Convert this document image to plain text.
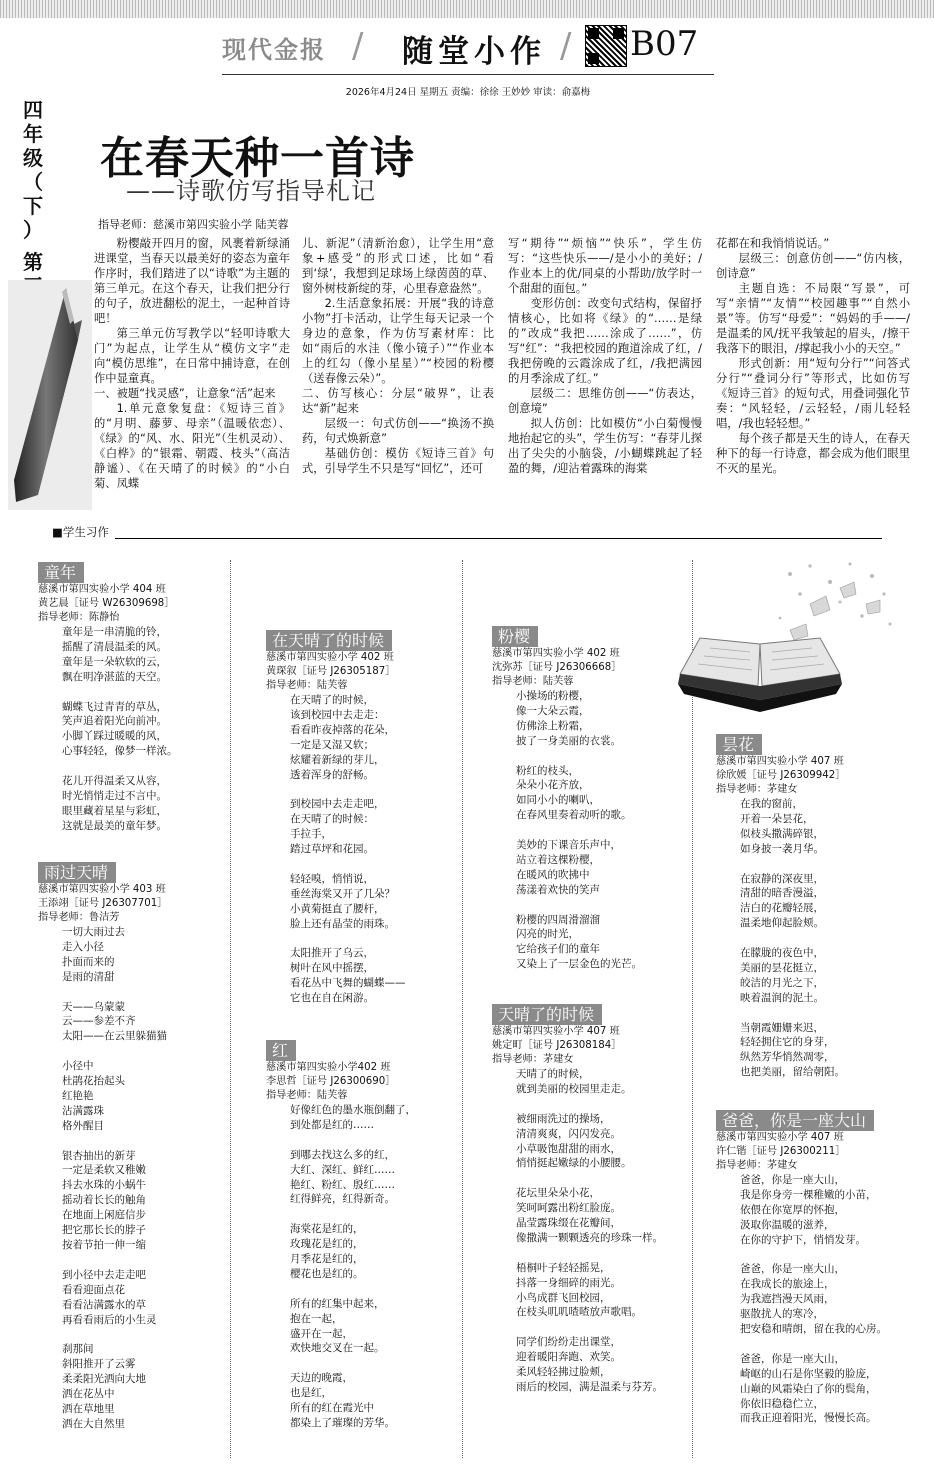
现代金报 / 随堂小作 / B07
2026年4月24日 星期五 责编：徐徐 王妙妙 审读：俞嘉梅
四
年
级
（
下
）
第
在春天种一首诗
——诗歌仿写指导札记
指导老师：慈溪市第四实验小学 陆芙蓉

粉樱敲开四月的窗，风裹着新绿涌进课堂，当春天以最美好的姿态为童年作序时，我们踏进了以“诗歌”为主题的第三单元。在这个春天，让我们把分行的句子，放进翻松的泥土，一起种首诗吧！

第三单元仿写教学以“轻叩诗歌大门”为起点，让学生从“模仿文字”走向“模仿思维”，在日常中捕诗意，在创作中显童真。

一、被题“找灵感”，让意象“活”起来

1.单元意象复盘：《短诗三首》的“月明、藤萝、母亲”（温暖依恋）、《绿》的“风、水、阳光”（生机灵动）、《白桦》的“银霜、朝霞、枝头”（高洁静谧）、《在天晴了的时候》的“小白菊、凤蝶

儿、新泥”（清新治愈），让学生用“意象+感受”的形式口述，比如“看到‘绿’，我想到足球场上绿茵茵的草、窗外树枝新绽的芽，心里春意盎然”。

2.生活意象拓展：开展“我的诗意小物”打卡活动，让学生每天记录一个身边的意象，作为仿写素材库：比如“雨后的水洼（像小镜子）”“作业本上的红勾（像小星星）”“校园的粉樱（送春像云朵）”。

二、仿写核心：分层“破界”，让表达“新”起来

层级一：句式仿创——“换汤不换药，句式焕新意”

基础仿创：模仿《短诗三首》句式，引导学生不只是写“回忆”，还可

写“期待”“烦恼”“快乐”，学生仿写：“这些快乐——/是小小的美好；/作业本上的优/同桌的小帮助/放学时一个甜甜的面包。”

变形仿创：改变句式结构，保留抒情核心，比如将《绿》的“……是绿的”改成“我把……涂成了……”，仿写“红”：“我把校园的跑道涂成了红，/我把傍晚的云霞涂成了红，/我把满园的月季涂成了红。”

层级二：思维仿创——“仿表达，创意境”

拟人仿创：比如模仿“小白菊慢慢地抬起它的头”，学生仿写：“春芽儿探出了尖尖的小脑袋，/小蝴蝶跳起了轻盈的舞，/迎沾着露珠的海棠

花都在和我悄悄说话。”

层级三：创意仿创——“仿内核，创诗意”

主题自选：不局限“写景”，可写“亲情”“友情”“校园趣事”“自然小景”等。仿写“母爱”：“妈妈的手——/是温柔的风/抚平我皱起的眉头，/擦干我落下的眼泪，/撑起我小小的天空。”

形式创新：用“短句分行”“问答式分行”“叠词分行”等形式，比如仿写《短诗三首》的短句式，用叠词强化节奏：“风轻轻，/云轻轻，/雨儿轻轻唱，/我也轻轻想。”

每个孩子都是天生的诗人，在春天种下的每一行诗意，都会成为他们眼里不灭的星光。

■学生习作
童年
慈溪市第四实验小学 404 班
黄艺晨［证号 W26309698］
指导老师：陈静怡
童年是一串清脆的铃，
摇醒了清晨温柔的风。
童年是一朵软软的云，
飘在明净湛蓝的天空。
蝴蝶飞过青青的草丛，
笑声追着阳光向前冲。
小脚丫踩过暖暖的风，
心事轻轻，像梦一样浓。
花儿开得温柔又从容，
时光悄悄走过不言中。
眼里藏着星星与彩虹，
这就是最美的童年梦。
雨过天晴
慈溪市第四实验小学 403 班
王添翊［证号 J26307701］
指导老师：鲁洁芳
一切大雨过去
走入小径
扑面而来的
是雨的清甜
天——乌蒙蒙
云——参差不齐
太阳——在云里躲猫猫
小径中
杜鹃花抬起头
红艳艳
沾满露珠
格外醒目
银杏抽出的新芽
一定是柔软又稚嫩
抖去水珠的小蜗牛
摇动着长长的触角
在地面上闲庭信步
把它那长长的脖子
按着节拍一伸一缩
到小径中去走走吧
看看迎面点花
看看沾满露水的草
再看看雨后的小生灵
刹那间
斜阳推开了云雾
柔柔阳光洒向大地
洒在花丛中
洒在草地里
洒在大自然里
在天晴了的时候
慈溪市第四实验小学 402 班
黄琛叙［证号 J26305187］
指导老师：陆芙蓉
在天晴了的时候，
该到校园中去走走：
看看昨夜掉落的花朵，
一定是又湿又软；
炫耀着新绿的芽儿，
透着浑身的舒畅。
到校园中去走走吧，
在天晴了的时候：
手拉手，
踏过草坪和花园。
轻轻嗅，悄悄说，
垂丝海棠又开了几朵？
小黄菊挺直了腰杆，
脸上还有晶莹的雨珠。
太阳推开了乌云，
树叶在风中摇摆，
看花丛中飞舞的蝴蝶——
它也在自在闲游。
红
慈溪市第四实验小学402 班
李思哲［证号 J26300690］
指导老师：陆芙蓉
好像红色的墨水瓶倒翻了，
到处都是红的……
到哪去找这么多的红，
大红、深红、鲜红……
艳红、粉红、殷红……
红得鲜亮，红得新奇。
海棠花是红的，
玫瑰花是红的，
月季花是红的，
樱花也是红的。
所有的红集中起来，
抱在一起，
盛开在一起，
欢快地交叉在一起。
天边的晚霞，
也是红，
所有的红在霞光中
都染上了璀璨的芳华。
粉樱
慈溪市第四实验小学 402 班
沈弥苏［证号 J26306668］
指导老师：陆芙蓉
小操场的粉樱，
像一大朵云霞，
仿佛涂上粉霜，
披了一身美丽的衣裳。
粉红的枝头，
朵朵小花齐放，
如同小小的喇叭，
在春风里奏着动听的歌。
美妙的下课音乐声中，
站立着这棵粉樱，
在暖风的吹拂中
荡漾着欢快的笑声
粉樱的四周滑溜溜
闪亮的时光，
它给孩子们的童年
又染上了一层金色的光芒。
天晴了的时候
慈溪市第四实验小学 407 班
姚定町［证号 J26308184］
指导老师：茅建女
天晴了的时候，
就到美丽的校园里走走。
被细雨洗过的操场，
清清爽爽，闪闪发亮。
小草吸饱甜甜的雨水，
悄悄挺起嫩绿的小腰腰。
花坛里朵朵小花，
笑呵呵露出粉红脸庞。
晶莹露珠缀在花瓣间，
像撒满一颗颗透亮的珍珠一样。
梧桐叶子轻轻摇晃，
抖落一身细碎的雨光。
小鸟成群飞回校园，
在枝头叽叽喳喳放声歌唱。
同学们纷纷走出课堂，
迎着暖阳奔跑、欢笑。
柔风轻轻拂过脸颊，
雨后的校园，满是温柔与芬芳。
昙花
慈溪市第四实验小学 407 班
徐欣媛［证号 J26309942］
指导老师：茅建女
在我的窗前，
开着一朵昙花，
似枝头撒满碎银，
如身披一袭月华。
在寂静的深夜里，
清甜的暗香漫溢，
洁白的花瓣轻展，
温柔地仰起脸颊。
在朦胧的夜色中，
美丽的昙花挺立，
皎洁的月光之下，
映着温润的泥土。
当朝霞姗姗来迟，
轻轻拥住它的身芽，
纵然芳华悄然凋零，
也把美丽，留给朝阳。
爸爸，你是一座大山
慈溪市第四实验小学 407 班
许仁锴［证号 J26300211］
指导老师：茅建女
爸爸，你是一座大山，
我是你身旁一棵稚嫩的小苗，
依偎在你宽厚的怀抱，
汲取你温暖的滋养，
在你的守护下，悄悄发芽。
爸爸，你是一座大山，
在我成长的旅途上，
为我遮挡漫天风雨，
驱散扰人的寒冷，
把安稳和晴朗，留在我的心房。
爸爸，你是一座大山，
崎岖的山石是你坚毅的脸庞，
山巅的风霜染白了你的鬓角，
你依旧稳稳伫立，
而我正迎着阳光，慢慢长高。
